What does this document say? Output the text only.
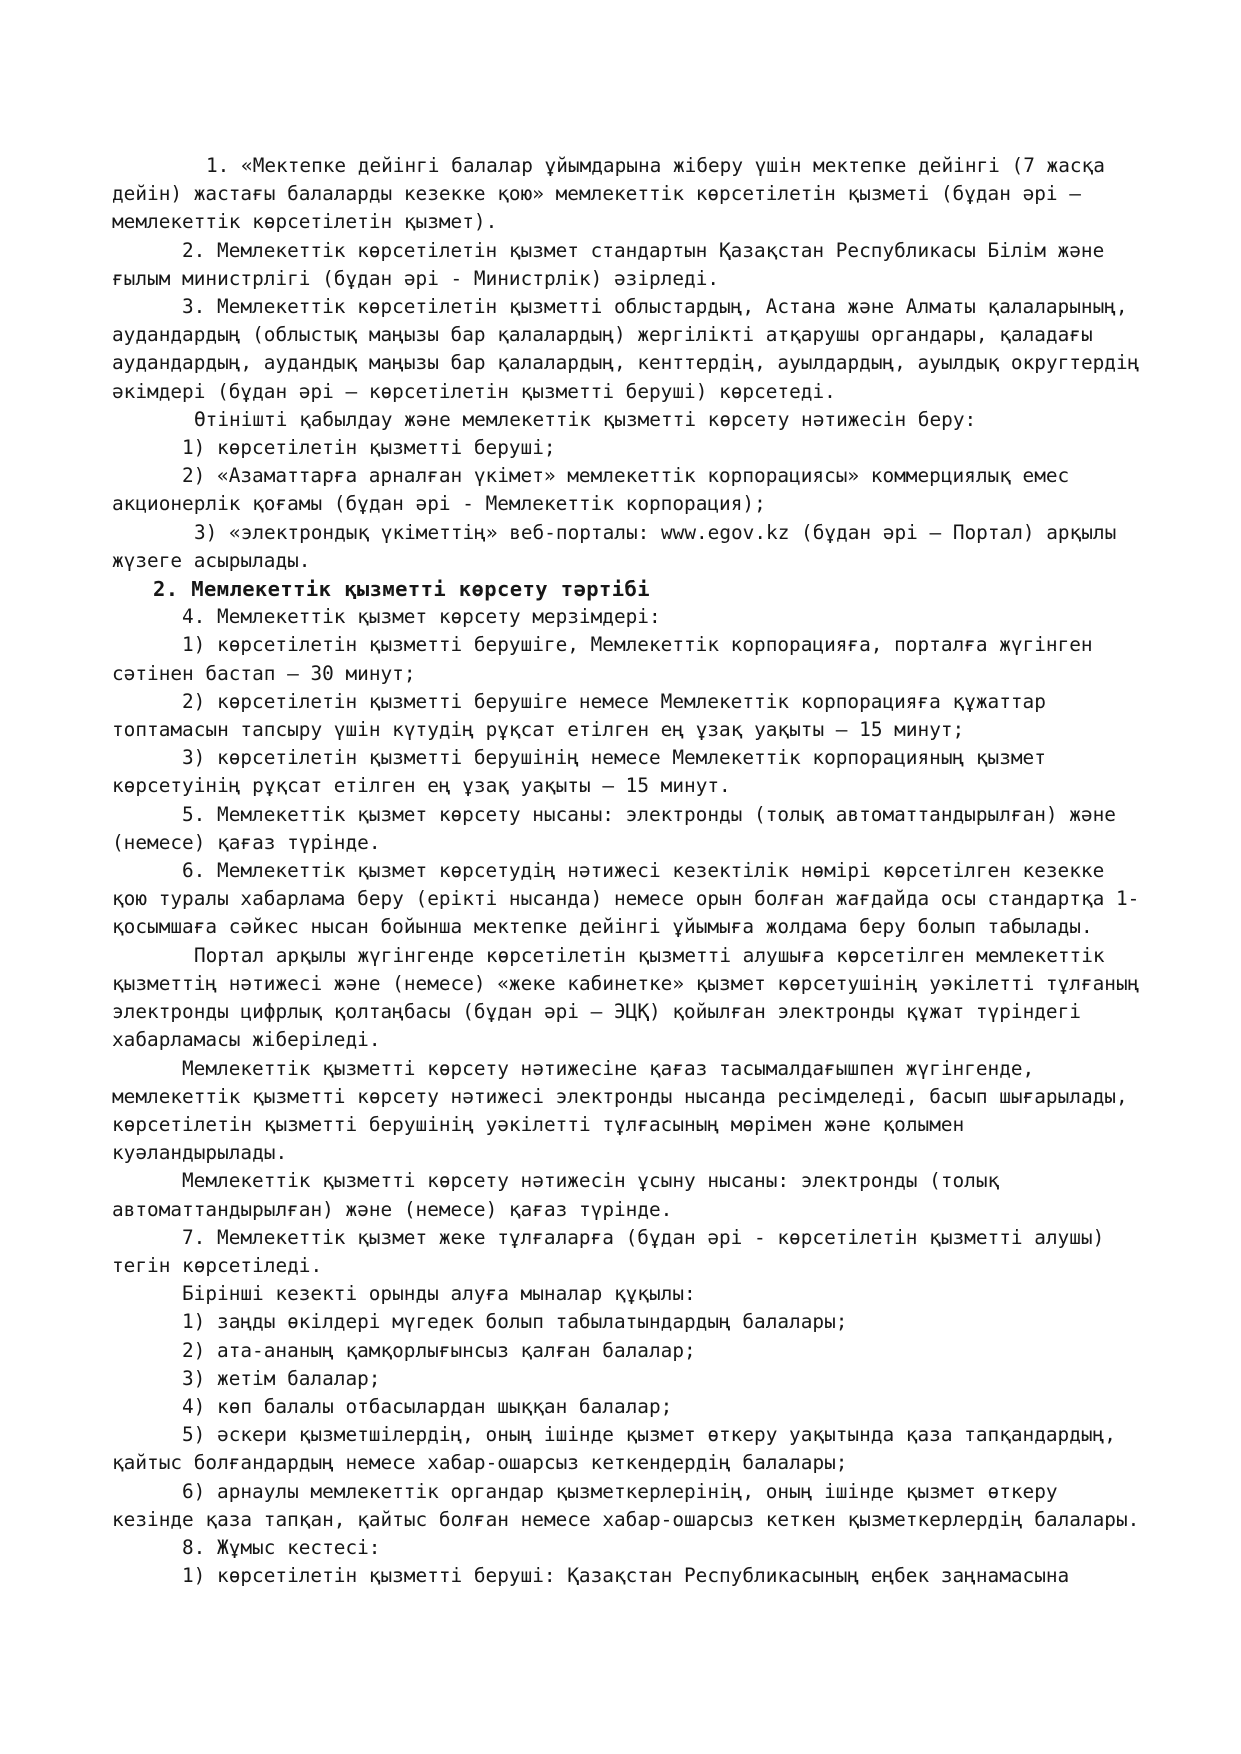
1. «Мектепке дейінгі балалар ұйымдарына жіберу үшін мектепке дейінгі (7 жасқа
дейін) жастағы балаларды кезекке қою» мемлекеттік көрсетілетін қызметі (бұдан әрі –
мемлекеттік көрсетілетін қызмет).
2. Мемлекеттік көрсетілетін қызмет стандартын Қазақстан Республикасы Білім және
ғылым министрлігі (бұдан әрі - Министрлік) әзірледі.
3. Мемлекеттік көрсетілетін қызметті облыстардың, Астана және Алматы қалаларының,
аудандардың (облыстық маңызы бар қалалардың) жергілікті атқарушы органдары, қаладағы
аудандардың, аудандық маңызы бар қалалардың, кенттердің, ауылдардың, ауылдық округтердің
әкімдері (бұдан әрі – көрсетілетін қызметті беруші) көрсетеді.
Өтінішті қабылдау және мемлекеттік қызметті көрсету нәтижесін беру:
1) көрсетілетін қызметті беруші;
2) «Азаматтарға арналған үкімет» мемлекеттік корпорациясы» коммерциялық емес
акционерлік қоғамы (бұдан әрі - Мемлекеттік корпорация);
3) «электрондық үкіметтің» веб-порталы: www.egov.kz (бұдан әрі – Портал) арқылы
жүзеге асырылады.
2. Мемлекеттік қызметті көрсету тәртібі
4. Мемлекеттік қызмет көрсету мерзімдері:
1) көрсетілетін қызметті берушіге, Мемлекеттік корпорацияға, порталға жүгінген
сәтінен бастап – 30 минут;
2) көрсетілетін қызметті берушіге немесе Мемлекеттік корпорацияға құжаттар
топтамасын тапсыру үшін күтудің рұқсат етілген ең ұзақ уақыты – 15 минут;
3) көрсетілетін қызметті берушінің немесе Мемлекеттік корпорацияның қызмет
көрсетуінің рұқсат етілген ең ұзақ уақыты – 15 минут.
5. Мемлекеттік қызмет көрсету нысаны: электронды (толық автоматтандырылған) және
(немесе) қағаз түрінде.
6. Мемлекеттік қызмет көрсетудің нәтижесі кезектілік нөмірі көрсетілген кезекке
қою туралы хабарлама беру (ерікті нысанда) немесе орын болған жағдайда осы стандартқа 1-
қосымшаға сәйкес нысан бойынша мектепке дейінгі ұйымыға жолдама беру болып табылады.
Портал арқылы жүгінгенде көрсетілетін қызметті алушыға көрсетілген мемлекеттік
қызметтің нәтижесі және (немесе) «жеке кабинетке» қызмет көрсетушінің уәкілетті тұлғаның
электронды цифрлық қолтаңбасы (бұдан әрі – ЭЦҚ) қойылған электронды құжат түріндегі
хабарламасы жіберіледі.
Мемлекеттік қызметті көрсету нәтижесіне қағаз тасымалдағышпен жүгінгенде,
мемлекеттік қызметті көрсету нәтижесі электронды нысанда ресімделеді, басып шығарылады,
көрсетілетін қызметті берушінің уәкілетті тұлғасының мөрімен және қолымен
куәландырылады.
Мемлекеттік қызметті көрсету нәтижесін ұсыну нысаны: электронды (толық
автоматтандырылған) және (немесе) қағаз түрінде.
7. Мемлекеттік қызмет жеке тұлғаларға (бұдан әрі - көрсетілетін қызметті алушы)
тегін көрсетіледі.
Бірінші кезекті орынды алуға мыналар құқылы:
1) заңды өкілдері мүгедек болып табылатындардың балалары;
2) ата-ананың қамқорлығынсыз қалған балалар;
3) жетім балалар;
4) көп балалы отбасылардан шыққан балалар;
5) әскери қызметшілердің, оның ішінде қызмет өткеру уақытында қаза тапқандардың,
қайтыс болғандардың немесе хабар-ошарсыз кеткендердің балалары;
6) арнаулы мемлекеттік органдар қызметкерлерінің, оның ішінде қызмет өткеру
кезінде қаза тапқан, қайтыс болған немесе хабар-ошарсыз кеткен қызметкерлердің балалары.
8. Жұмыс кестесі:
1) көрсетілетін қызметті беруші: Қазақстан Республикасының еңбек заңнамасына
